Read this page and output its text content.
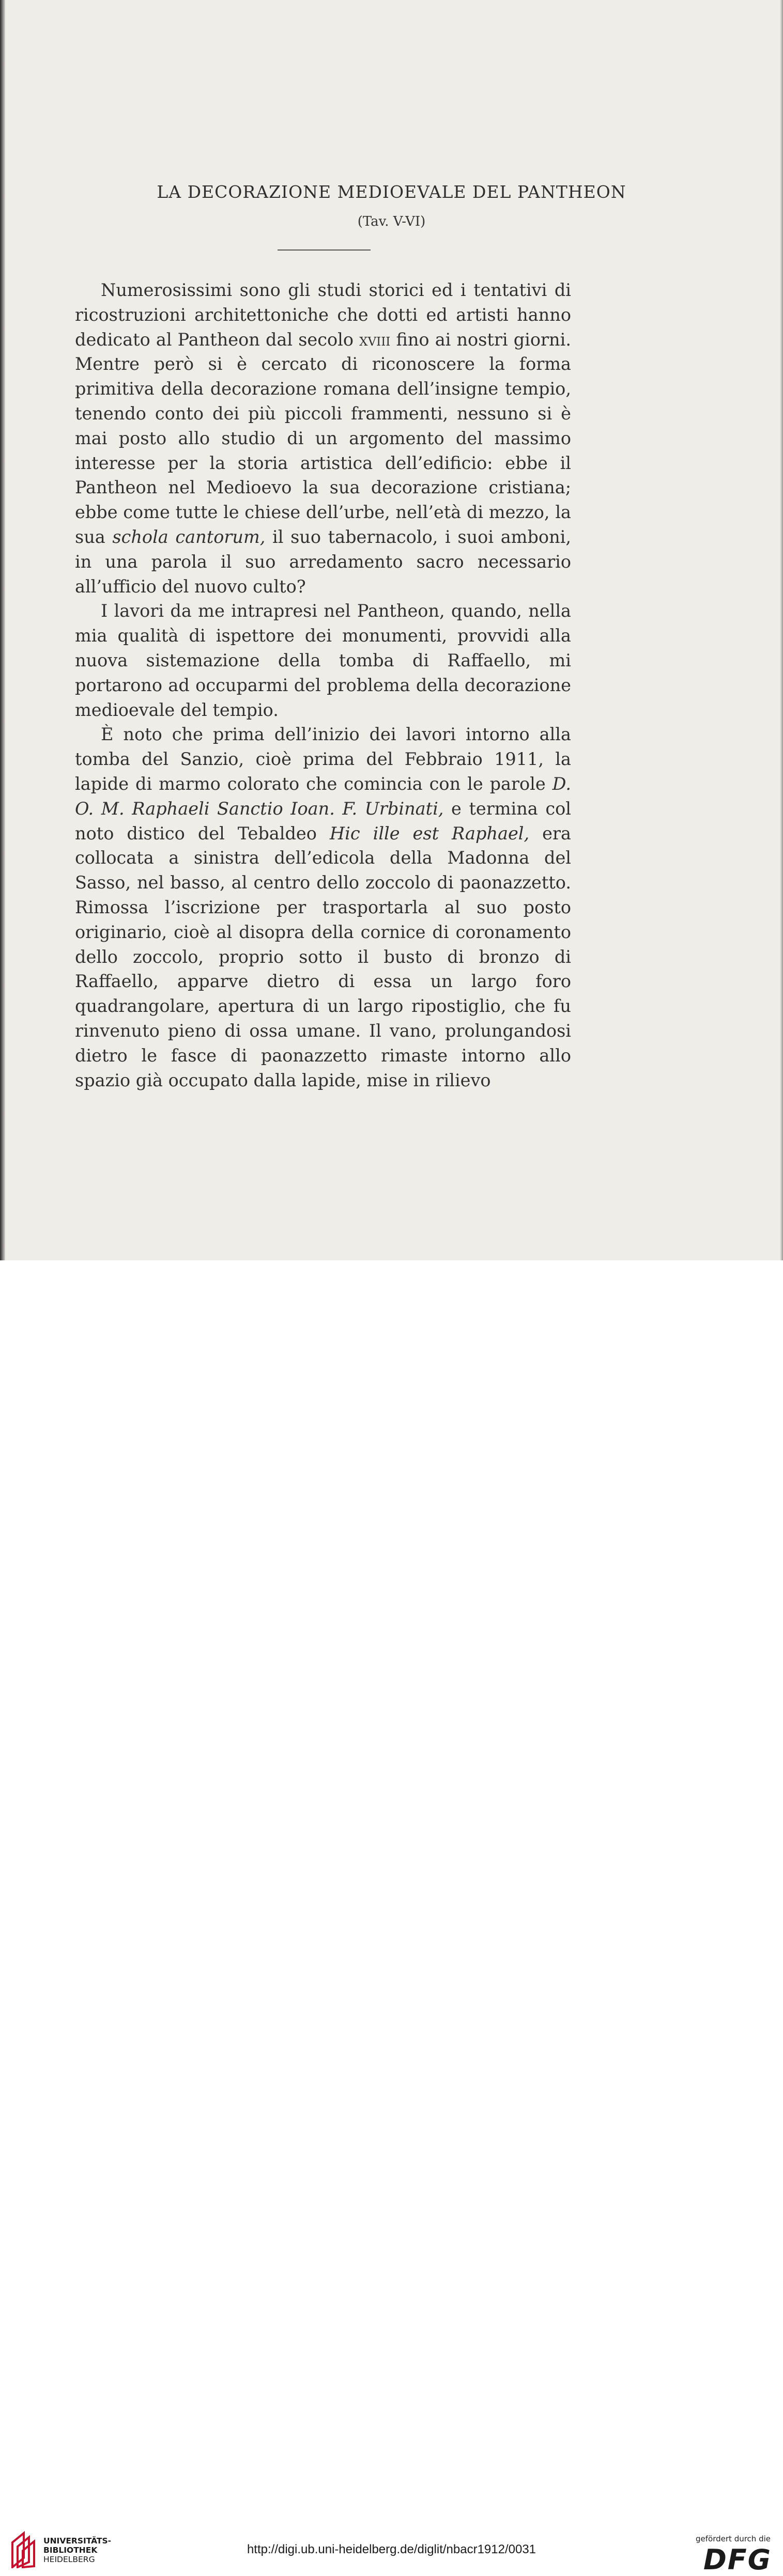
LA DECORAZIONE MEDIOEVALE DEL PANTHEON
(Tav. V-VI)

Numerosissimi sono gli studi storici ed i tentativi di ricostruzioni architettoniche che dotti ed artisti hanno dedicato al Pantheon dal secolo xviii fino ai nostri giorni. Mentre però si è cercato di riconoscere la forma primitiva della decorazione romana dell’insigne tempio, tenendo conto dei più piccoli frammenti, nessuno si è mai posto allo studio di un argomento del massimo interesse per la storia artistica dell’edificio: ebbe il Pantheon nel Medioevo la sua decorazione cristiana; ebbe come tutte le chiese dell’urbe, nell’età di mezzo, la sua schola cantorum, il suo tabernacolo, i suoi amboni, in una parola il suo arredamento sacro necessario all’ufficio del nuovo culto?

I lavori da me intrapresi nel Pantheon, quando, nella mia qualità di ispettore dei monumenti, provvidi alla nuova sistemazione della tomba di Raffaello, mi portarono ad occuparmi del problema della decorazione medioevale del tempio.

È noto che prima dell’inizio dei lavori intorno alla tomba del Sanzio, cioè prima del Febbraio 1911, la lapide di marmo colorato che comincia con le parole D. O. M. Raphaeli Sanctio Ioan. F. Urbinati, e termina col noto distico del Tebaldeo Hic ille est Raphael, era collocata a sinistra dell’edicola della Madonna del Sasso, nel basso, al centro dello zoccolo di paonazzetto. Rimossa l’iscrizione per trasportarla al suo posto originario, cioè al disopra della cornice di coronamento dello zoccolo, proprio sotto il busto di bronzo di Raffaello, apparve dietro di essa un largo foro quadrangolare, apertura di un largo ripostiglio, che fu rinvenuto pieno di ossa umane. Il vano, prolungandosi dietro le fasce di paonazzetto rimaste intorno allo spazio già occupato dalla lapide, mise in rilievo

UNIVERSITÄTS-
BIBLIOTHEK
HEIDELBERG
http://digi.ub.uni-heidelberg.de/diglit/nbacr1912/0031
gefördert durch die
DFG
